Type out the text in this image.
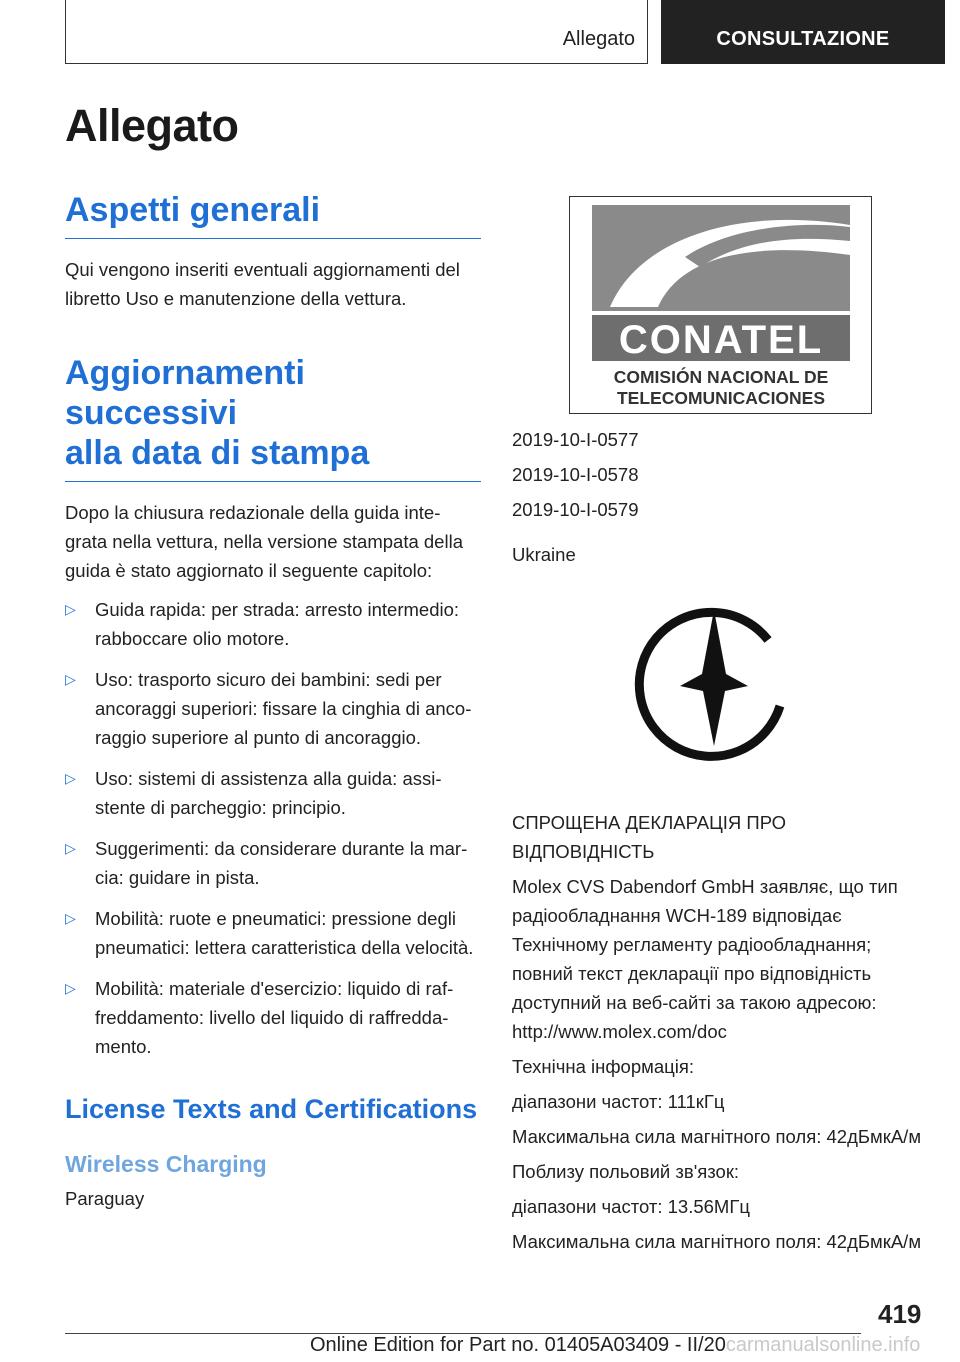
Allegato	CONSULTAZIONE
Allegato
Aspetti generali

Qui vengono inseriti eventuali aggiornamenti del libretto Uso e manutenzione della vettura.

Aggiornamenti successivi
alla data di stampa

Dopo la chiusura redazionale della guida inte-grata nella vettura, nella versione stampata della guida è stato aggiornato il seguente capitolo:

▷ Guida rapida: per strada: arresto intermedio: rabboccare olio motore.
▷ Uso: trasporto sicuro dei bambini: sedi per ancoraggi superiori: fissare la cinghia di anco-raggio superiore al punto di ancoraggio.
▷ Uso: sistemi di assistenza alla guida: assi-stente di parcheggio: principio.
▷ Suggerimenti: da considerare durante la mar-cia: guidare in pista.
▷ Mobilità: ruote e pneumatici: pressione degli pneumatici: lettera caratteristica della velocità.
▷ Mobilità: materiale d'esercizio: liquido di raf-freddamento: livello del liquido di raffredda-mento.
License Texts and Certifications
Wireless Charging

Paraguay

CONATEL
COMISIÓN NACIONAL DE
TELECOMUNICACIONES

2019-10-I-0577

2019-10-I-0578

2019-10-I-0579

Ukraine

СПРОЩЕНА ДЕКЛАРАЦІЯ ПРО ВІДПОВІДНІСТЬ

Molex CVS Dabendorf GmbH заявляє, що тип радіообладнання WCH-189 відповідає Технічному регламенту радіообладнання; повний текст декларації про відповідність доступний на веб-сайті за такою адресою: http://www.molex.com/doc

Технічна інформація:

діапазони частот: 111кГц

Максимальна сила магнітного поля: 42дБмкА/м

Поблизу польовий зв'язок:

діапазони частот: 13.56МГц

Максимальна сила магнітного поля: 42дБмкА/м

419
Online Edition for Part no. 01405A03409 - II/20carmanualsonline.info
